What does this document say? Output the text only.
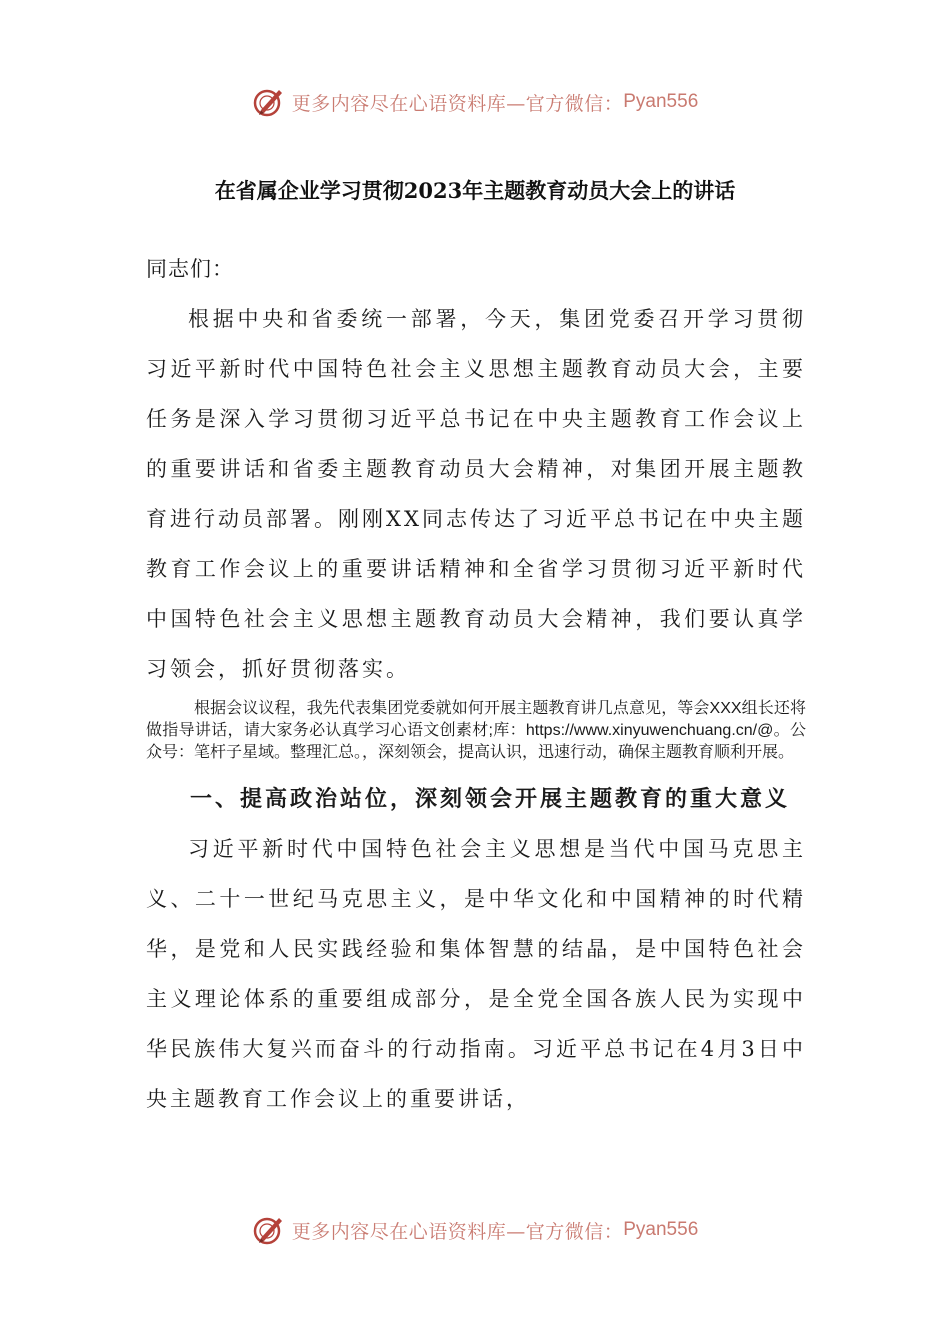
更多内容尽在心语资料库—官方微信： Pyan556
在省属企业学习贯彻2023年主题教育动员大会上的讲话

同志们：

根据中央和省委统一部署，今天，集团党委召开学习贯彻习近平新时代中国特色社会主义思想主题教育动员大会，主要任务是深入学习贯彻习近平总书记在中央主题教育工作会议上的重要讲话和省委主题教育动员大会精神，对集团开展主题教育进行动员部署。刚刚XX同志传达了习近平总书记在中央主题教育工作会议上的重要讲话精神和全省学习贯彻习近平新时代中国特色社会主义思想主题教育动员大会精神，我们要认真学习领会，抓好贯彻落实。

根据会议议程，我先代表集团党委就如何开展主题教育讲几点意见，等会XXX组长还将做指导讲话，请大家务必认真学习心语文创素材;库：https://www.xinyuwenchuang.cn/@。公众号：笔杆子星域。整理汇总。，深刻领会，提高认识，迅速行动，确保主题教育顺利开展。

一、提高政治站位，深刻领会开展主题教育的重大意义

习近平新时代中国特色社会主义思想是当代中国马克思主义、二十一世纪马克思主义，是中华文化和中国精神的时代精华，是党和人民实践经验和集体智慧的结晶，是中国特色社会主义理论体系的重要组成部分，是全党全国各族人民为实现中华民族伟大复兴而奋斗的行动指南。习近平总书记在4月3日中央主题教育工作会议上的重要讲话，

更多内容尽在心语资料库—官方微信： Pyan556
